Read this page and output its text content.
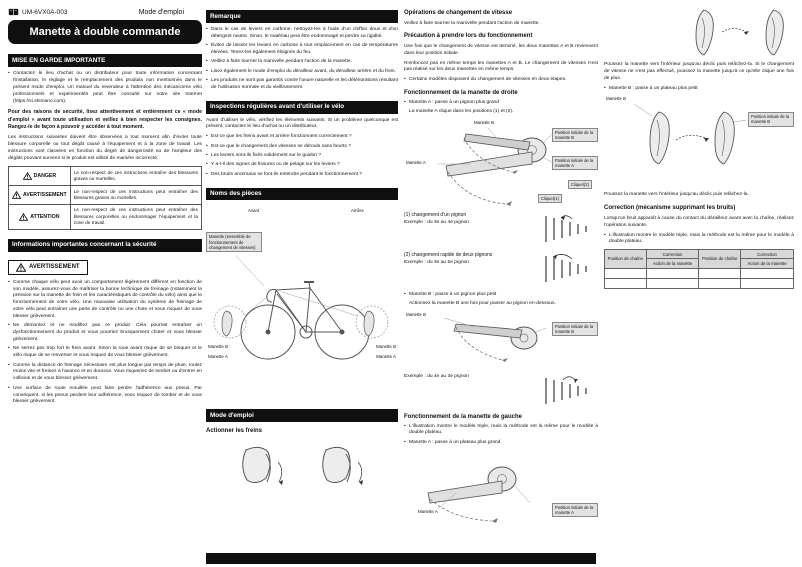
UM-6VX0A-003	Mode d'emploi
Manette à double commande
MISE EN GARDE IMPORTANTE
• Contactez le lieu d'achat ou un distributeur pour toute information concernant l'installation, le réglage et le remplacement des produits non mentionnés dans le présent mode d'emploi. Un manuel du revendeur à l'attention des mécaniciens vélo professionnels et expérimentés peut être consulté sur notre site Internet (https://si.shimano.com).

Pour des raisons de sécurité, lisez attentivement et entièrement ce « mode d'emploi » avant toute utilisation et veillez à bien respecter les consignes. Rangez-le de façon à pouvoir y accéder à tout moment.

Les instructions suivantes doivent être observées à tout moment afin d'éviter toute blessure corporelle ou tout dégât causé à l'équipement et à la zone de travail. Les instructions sont classées en fonction du degré de dangerosité ou de l'ampleur des dégâts pouvant survenir si le produit est utilisé de manière incorrecte.

DANGER	Le non-respect de ces instructions entraîne des blessures graves ou mortelles.

AVERTISSEMENT	Le non-respect de ces instructions peut entraîner des blessures graves ou mortelles.

ATTENTION	Le non-respect de ces instructions peut entraîner des blessures corporelles ou endommager l'équipement et la zone de travail.
Informations importantes concernant la sécurité
AVERTISSEMENT
• Comme chaque vélo peut avoir un comportement légèrement différent en fonction de son modèle, assurez-vous de maîtriser la bonne technique de freinage (notamment la pression sur la manette de frein et les caractéristiques de contrôle du vélo) ainsi que le fonctionnement de votre vélo. Une mauvaise utilisation du système de freinage de votre vélo peut entraîner une perte de contrôle ou une chute et vous risquez de vous blesser grièvement.
• Ne démontez et ne modifiez pas ce produit. Cela pourrait entraîner un dysfonctionnement du produit et vous pourriez brusquement chuter et vous blesser grièvement.
• Ne serrez pas trop fort le frein avant. Sinon la roue avant risque de se bloquer et le vélo risque de se renverser et vous risquez de vous blesser grièvement.
• Comme la distance de freinage nécessaire est plus longue par temps de pluie, roulez moins vite et freinez à l'avance et en douceur. Vous risqueriez de tomber ou d'entrer en collision et de vous blesser grièvement.
• Une surface de route mouillée peut faire perdre l'adhérence aux pneus. Par conséquent, si les pneus perdent leur adhérence, vous risquez de tomber et de vous blesser grièvement.
Remarque
• Dans le cas de leviers en carbone, nettoyez-les à l'aide d'un chiffon doux et d'un détergent neutre. Sinon, le matériau peut être endommagé et perdre sa rigidité.
• Évitez de laisser les leviers en carbone à tout emplacement en cas de températures élevées. Tenez-les également éloignés du feu.
• Veillez à faire tourner la manivelle pendant l'action de la manette.
• Lisez également le mode d'emploi du dérailleur avant, du dérailleur arrière et du frein.
• Les produits ne sont pas garantis contre l'usure naturelle et les détériorations résultant de l'utilisation normale et du vieillissement.
Inspections régulières avant d'utiliser le vélo

Avant d'utiliser le vélo, vérifiez les éléments suivants. Si un problème quelconque est présent, contactez le lieu d'achat ou un distributeur.

• Est-ce que les freins avant et arrière fonctionnent correctement ?
• Est-ce que le changement des vitesses se déroule sans heurts ?
• Les leviers sont-ils fixés solidement sur le guidon ?
• Y a-t-il des signes de fissures ou de pelage sur les leviers ?
• Des bruits anormaux se font-ils entendre pendant le fonctionnement ?
Noms des pièces
Avant	Arrière
Manette (ensemble de fonctionnement de changement de vitesses)
Manette B
Manette A
Manette B
Manette A
Mode d'emploi
Actionner les freins
Opérations de changement de vitesse

Veillez à faire tourner la manivelle pendant l'action de manette.

Précaution à prendre lors du fonctionnement

Une fois que le changement de vitesse est terminé, les deux manettes A et B reviennent dans leur position initiale.

N'enfoncez pas en même temps les manettes A et B. Le changement de vitesses n'est pas réalisé sur les deux manettes en même temps.

• Certains modèles disposent du changement de vitesses en deux étapes.
Fonctionnement de la manette de droite
• Manette A : passe à un pignon plus grand
La manette A clique dans les positions (1) et (2).
Manette A
Manette B
Position initiale de la manette B
Position initiale de la manette A
Cliquet(2)
Cliquet(1)
(1) changement d'un pignon
Exemple : du 3e au 4e pignon
(2) changement rapide de deux pignons
Exemple : du 3e au 5e pignon
• Manette B : passe à un pignon plus petit
Actionnez la manette B une fois pour passer au pignon en-dessous.
Manette B
Position initiale de la manette B
Exemple : du 4e au 3e pignon
Fonctionnement de la manette de gauche
• L'illustration montre le modèle triple, mais la méthode est la même pour le modèle à double plateau.
• Manette A : passe à un plateau plus grand
Manette A
Position initiale de la manette A

Poussez la manette vers l'intérieur jusqu'au déclic puis relâchez-la. Si le changement de vitesse ne s'est pas effectué, poussez la manette jusqu'à ce qu'elle clique une fois de plus.

• Manette B : passe à un plateau plus petit
Manette B
Position initiale de la manette B

Poussez la manette vers l'intérieur jusqu'au déclic puis relâchez-la.

Correction (mécanisme supprimant les bruits)

Lorsqu'un bruit apparaît à cause du contact du dérailleur avant avec la chaîne, réalisez l'opération suivante.

• L'illustration montre le modèle triple, mais la méthode est la même pour le modèle à double plateau.
Position de chaîne	Correction	Position de chaîne	Correction
	Action de la manette		Action de la manette
